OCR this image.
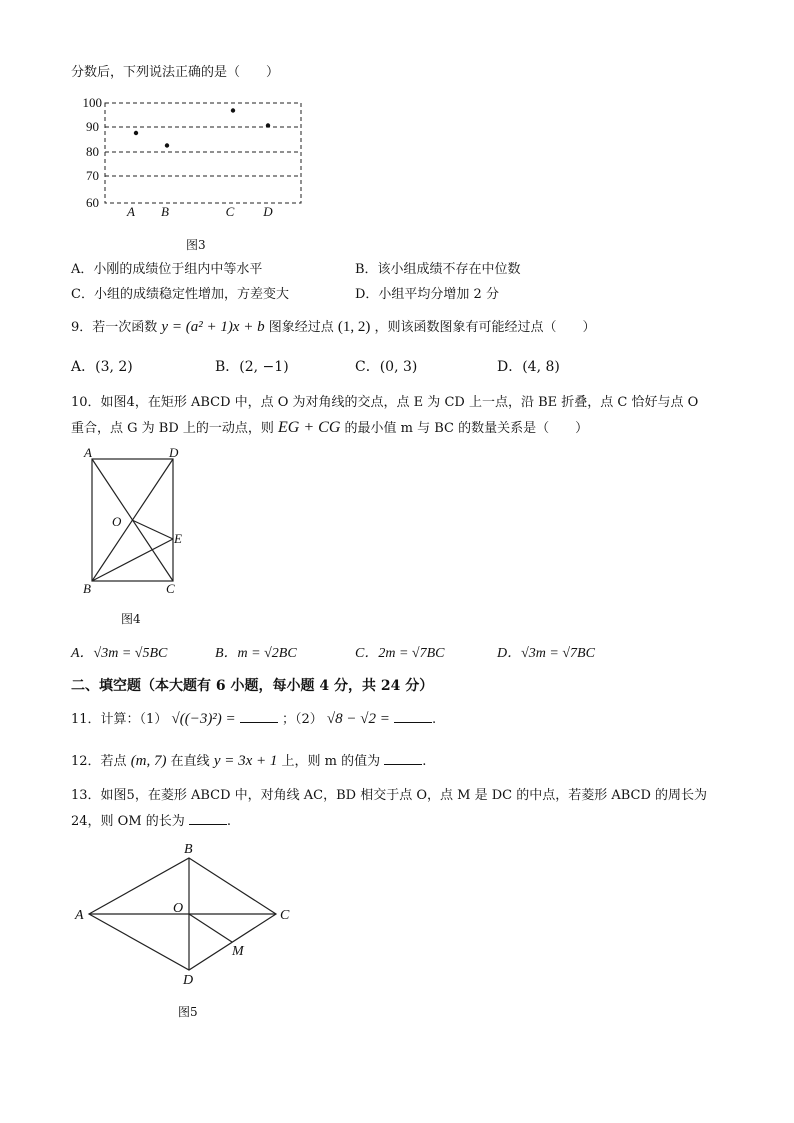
分数后，下列说法正确的是（　　）
100
90
80
70
60
A B	C D
图3
A．小刚的成绩位于组内中等水平	B．该小组成绩不存在中位数
C．小组的成绩稳定性增加，方差变大	D．小组平均分增加 2 分
9．若一次函数 y = (a² + 1)x + b 图象经过点 (1, 2) ，则该函数图象有可能经过点（　　）
A．(3, 2)	B．(2, −1)	C．(0, 3)	D．(4, 8)
10．如图4，在矩形 ABCD 中，点 O 为对角线的交点，点 E 为 CD 上一点，沿 BE 折叠，点 C 恰好与点 O
重合，点 G 为 BD 上的一动点，则 EG + CG 的最小值 m 与 BC 的数量关系是（　　）
A	D
O
E
B	C
图4
A．√3m = √5BC	B．m = √2BC	C．2m = √7BC	D．√3m = √7BC
二、填空题（本大题有 6 小题，每小题 4 分，共 24 分）
11．计算：（1） √((−3)²) =	；（2） √8 − √2 =	.
12．若点 (m, 7) 在直线 y = 3x + 1 上，则 m 的值为	.
13．如图5，在菱形 ABCD 中，对角线 AC，BD 相交于点 O，点 M 是 DC 的中点，若菱形 ABCD 的周长为
24，则 OM 的长为	.
B
A	O	C
M
D
图5
